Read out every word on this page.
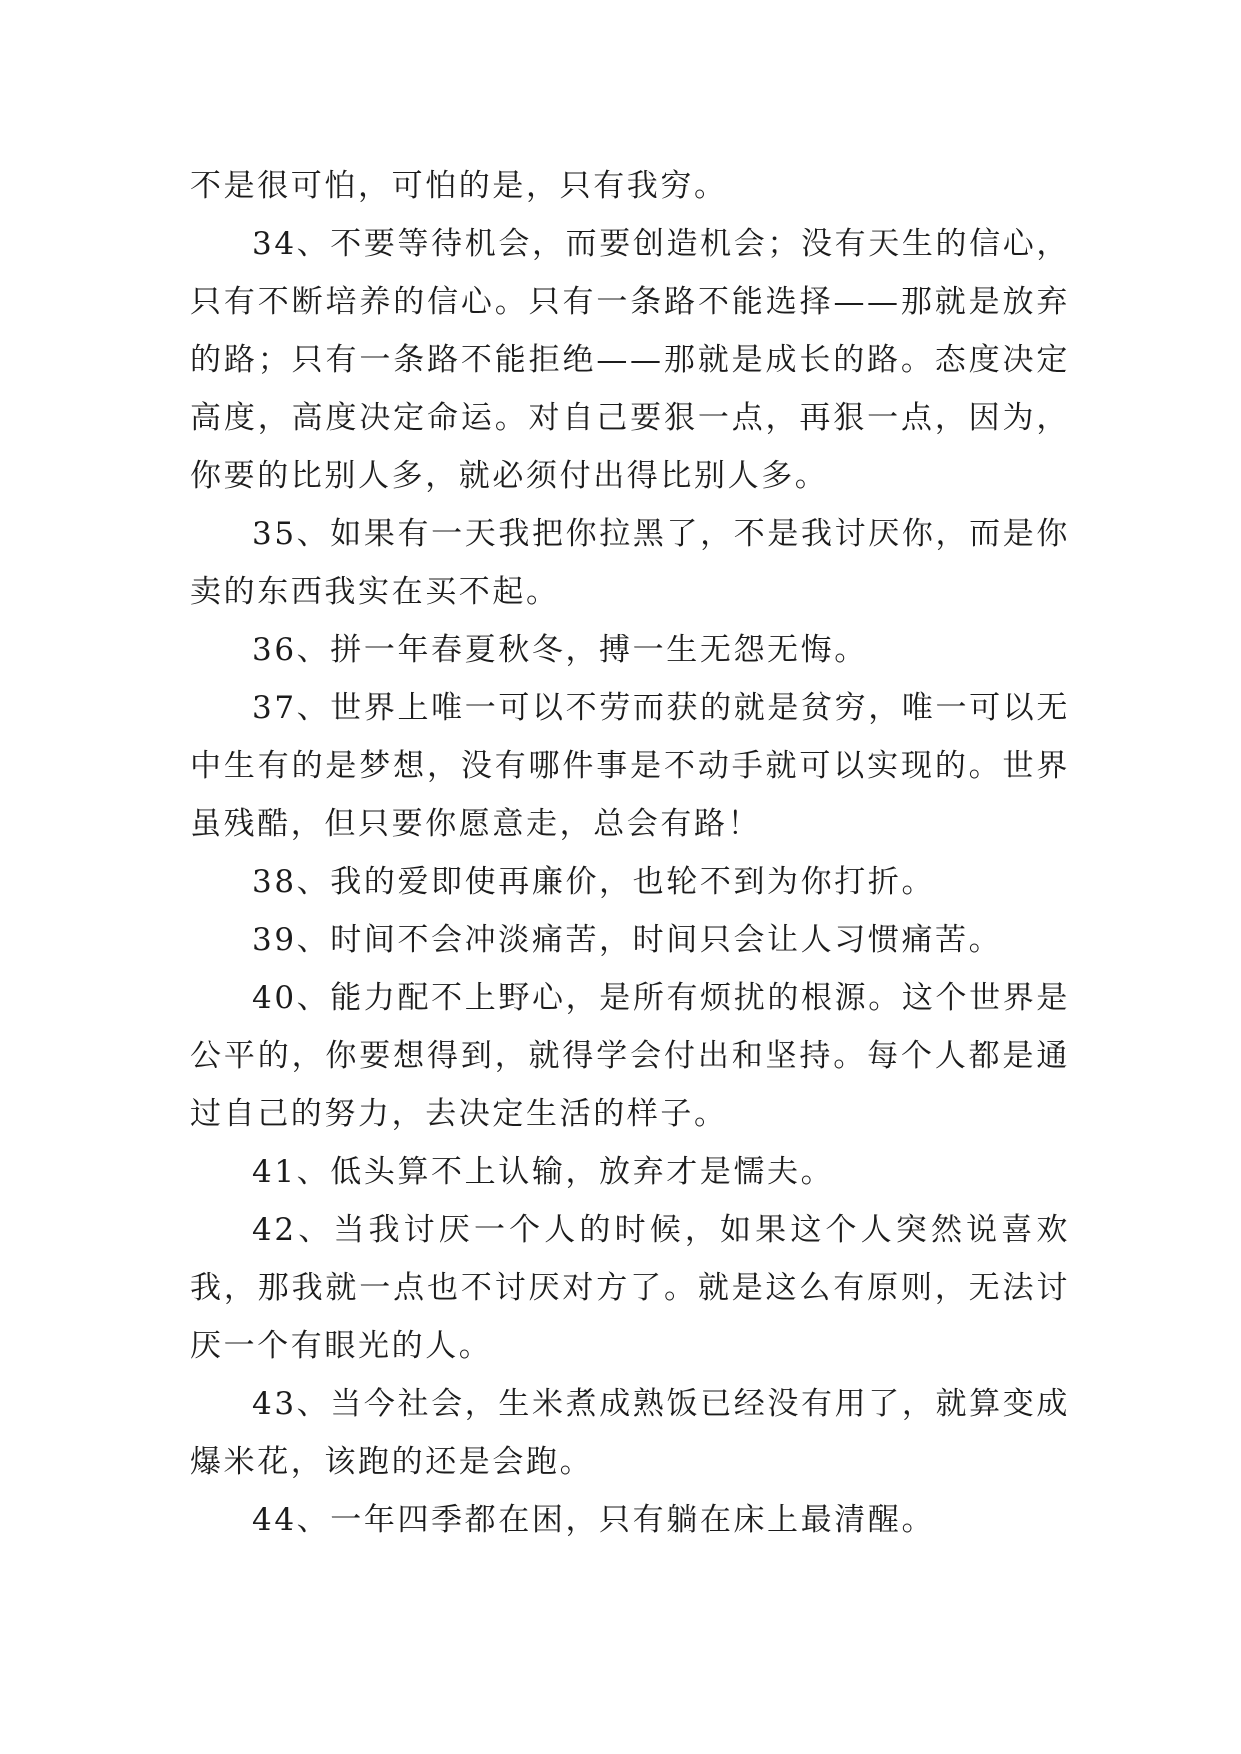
不是很可怕，可怕的是，只有我穷。

34、不要等待机会，而要创造机会；没有天生的信心，只有不断培养的信心。只有一条路不能选择——那就是放弃的路；只有一条路不能拒绝——那就是成长的路。态度决定高度，高度决定命运。对自己要狠一点，再狠一点，因为，你要的比别人多，就必须付出得比别人多。

35、如果有一天我把你拉黑了，不是我讨厌你，而是你卖的东西我实在买不起。

36、拼一年春夏秋冬，搏一生无怨无悔。

37、世界上唯一可以不劳而获的就是贫穷，唯一可以无中生有的是梦想，没有哪件事是不动手就可以实现的。世界虽残酷，但只要你愿意走，总会有路！

38、我的爱即使再廉价，也轮不到为你打折。

39、时间不会冲淡痛苦，时间只会让人习惯痛苦。

40、能力配不上野心，是所有烦扰的根源。这个世界是公平的，你要想得到，就得学会付出和坚持。每个人都是通过自己的努力，去决定生活的样子。

41、低头算不上认输，放弃才是懦夫。

42、当我讨厌一个人的时候，如果这个人突然说喜欢我，那我就一点也不讨厌对方了。就是这么有原则，无法讨厌一个有眼光的人。

43、当今社会，生米煮成熟饭已经没有用了，就算变成爆米花，该跑的还是会跑。

44、一年四季都在困，只有躺在床上最清醒。
